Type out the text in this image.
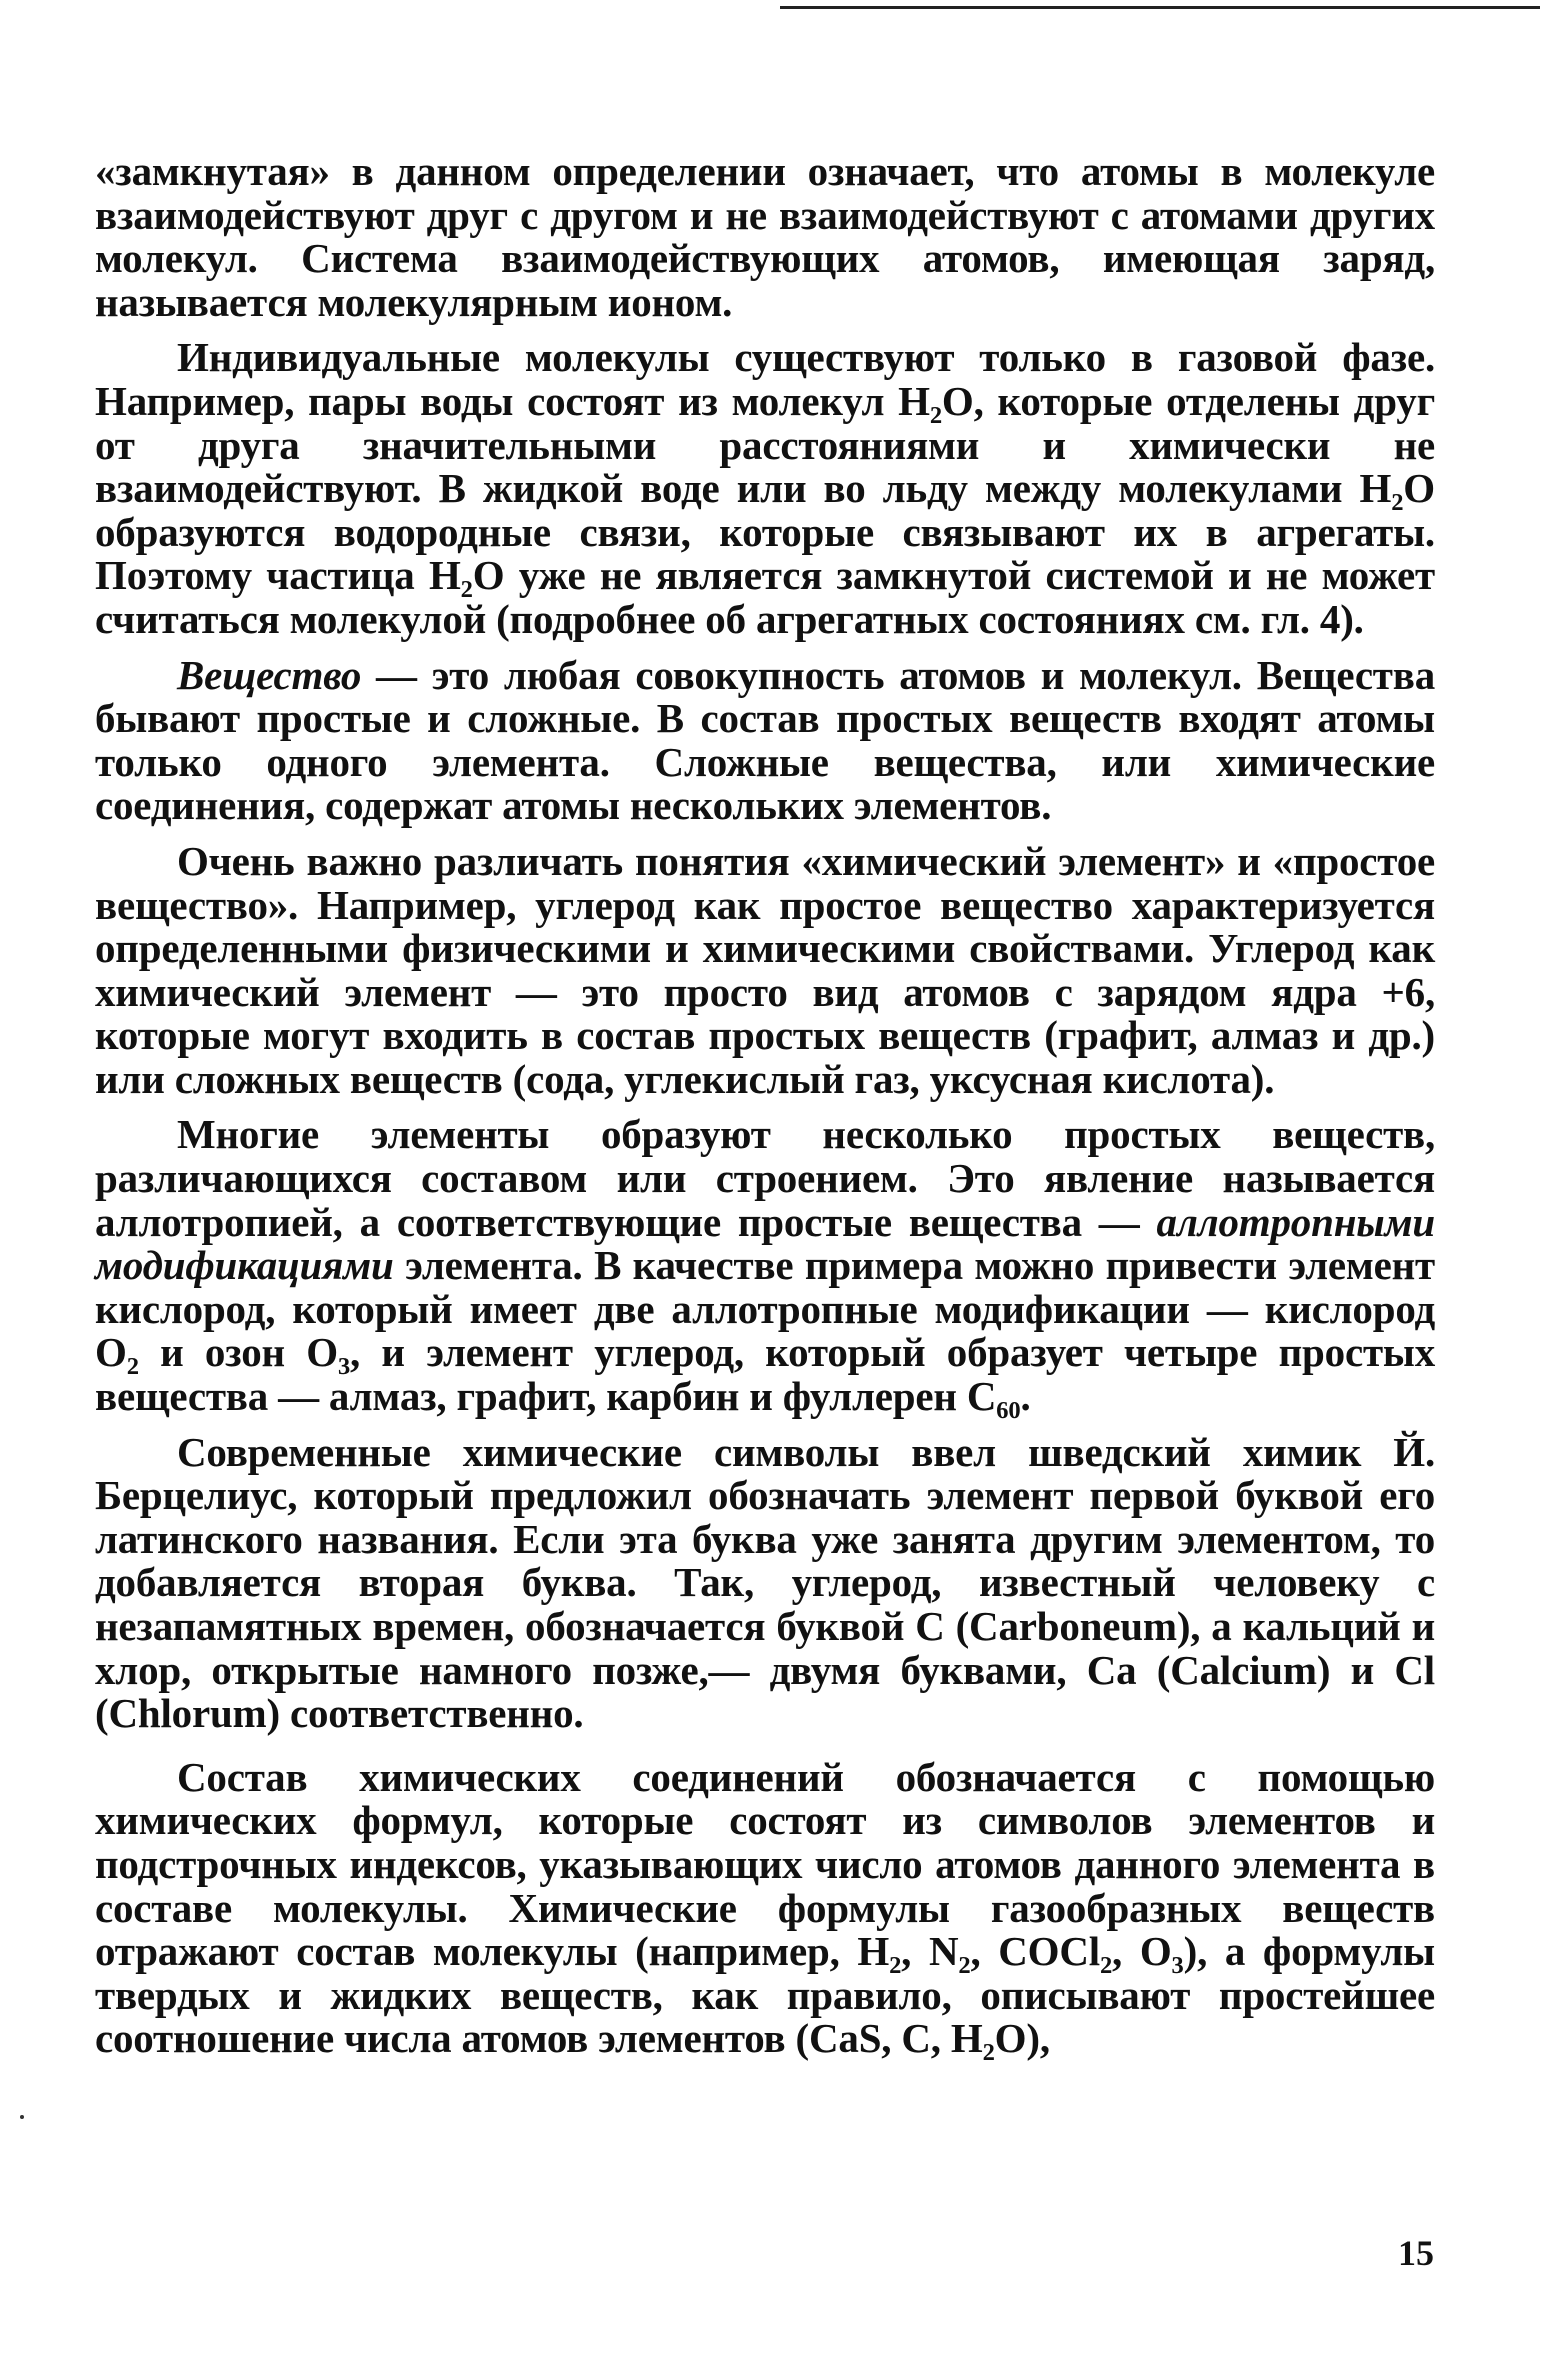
«замкнутая» в данном определении означает, что атомы в молекуле взаимодействуют друг с другом и не взаимодействуют с атомами других молекул. Система взаимодействующих атомов, имеющая заряд, называется молекулярным ионом.

Индивидуальные молекулы существуют только в газовой фазе. Например, пары воды состоят из молекул H₂O, которые отделены друг от друга значительными расстояниями и химически не взаимодействуют. В жидкой воде или во льду между молекулами H₂O образуются водородные связи, которые связывают их в агрегаты. Поэтому частица H₂O уже не является замкнутой системой и не может считаться молекулой (подробнее об агрегатных состояниях см. гл. 4).

Вещество — это любая совокупность атомов и молекул. Вещества бывают простые и сложные. В состав простых веществ входят атомы только одного элемента. Сложные вещества, или химические соединения, содержат атомы нескольких элементов.

Очень важно различать понятия «химический элемент» и «простое вещество». Например, углерод как простое вещество характеризуется определенными физическими и химическими свойствами. Углерод как химический элемент — это просто вид атомов с зарядом ядра +6, которые могут входить в состав простых веществ (графит, алмаз и др.) или сложных веществ (сода, углекислый газ, уксусная кислота).

Многие элементы образуют несколько простых веществ, различающихся составом или строением. Это явление называется аллотропией, а соответствующие простые вещества — аллотропными модификациями элемента. В качестве примера можно привести элемент кислород, который имеет две аллотропные модификации — кислород O₂ и озон O₃, и элемент углерод, который образует четыре простых вещества — алмаз, графит, карбин и фуллерен C₆₀.

Современные химические символы ввел шведский химик Й. Берцелиус, который предложил обозначать элемент первой буквой его латинского названия. Если эта буква уже занята другим элементом, то добавляется вторая буква. Так, углерод, известный человеку с незапамятных времен, обозначается буквой C (Carboneum), а кальций и хлор, открытые намного позже,— двумя буквами, Ca (Calcium) и Cl (Chlorum) соответственно.

Состав химических соединений обозначается с помощью химических формул, которые состоят из символов элементов и подстрочных индексов, указывающих число атомов данного элемента в составе молекулы. Химические формулы газообразных веществ отражают состав молекулы (например, H₂, N₂, COCl₂, O₃), а формулы твердых и жидких веществ, как правило, описывают простейшее соотношение числа атомов элементов (CaS, C, H₂O),

15
